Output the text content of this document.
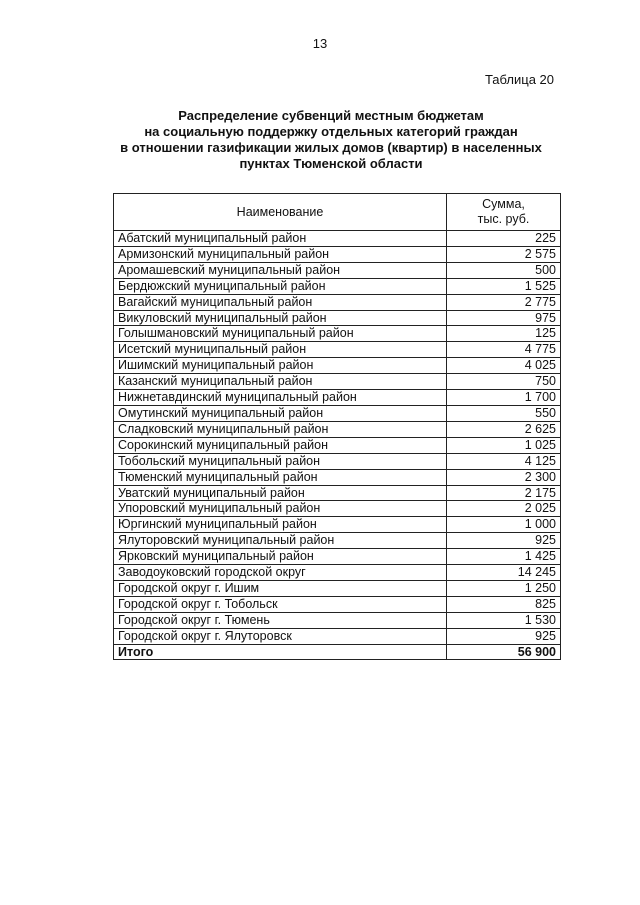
13
Таблица 20
Распределение субвенций местным бюджетам
на социальную поддержку отдельных категорий граждан
в отношении газификации жилых домов (квартир) в населенных
пунктах Тюменской области
Наименование	Сумма,
тыс. руб.

Абатский муниципальный район	225
Армизонский муниципальный район	2 575
Аромашевский муниципальный район	500
Бердюжский муниципальный район	1 525
Вагайский муниципальный район	2 775
Викуловский муниципальный район	975
Голышмановский муниципальный район	125
Исетский муниципальный район	4 775
Ишимский муниципальный район	4 025
Казанский муниципальный район	750
Нижнетавдинский муниципальный район	1 700
Омутинский муниципальный район	550
Сладковский муниципальный район	2 625
Сорокинский муниципальный район	1 025
Тобольский муниципальный район	4 125
Тюменский муниципальный район	2 300
Уватский муниципальный район	2 175
Упоровский муниципальный район	2 025
Юргинский муниципальный район	1 000
Ялуторовский муниципальный район	925
Ярковский муниципальный район	1 425
Заводоуковский городской округ	14 245
Городской округ г. Ишим	1 250
Городской округ г. Тобольск	825
Городской округ г. Тюмень	1 530
Городской округ г. Ялуторовск	925
Итого	56 900
